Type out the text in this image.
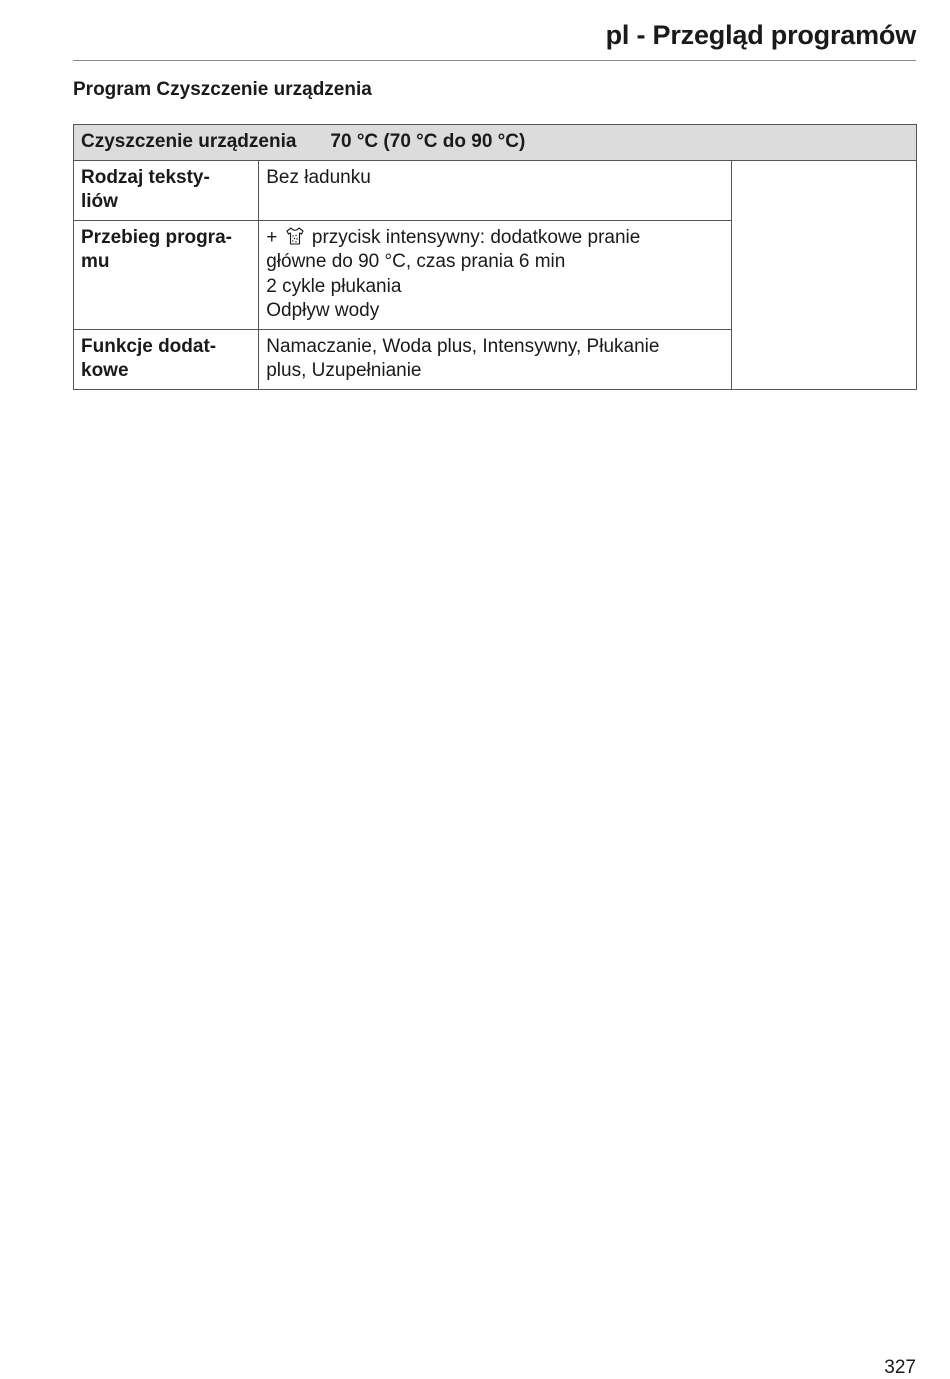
pl - Przegląd programów
Program Czyszczenie urządzenia
Czyszczenie urządzenia 70 °C (70 °C do 90 °C)		

Rodzaj teksty-
liów	Bez ładunku	

Przebieg progra-
mu	+ przycisk intensywny: dodatkowe pranie
główne do 90 °C, czas prania 6 min
2 cykle płukania
Odpływ wody	

Funkcje dodat-
kowe	Namaczanie, Woda plus, Intensywny, Płukanie
plus, Uzupełnianie	
327
